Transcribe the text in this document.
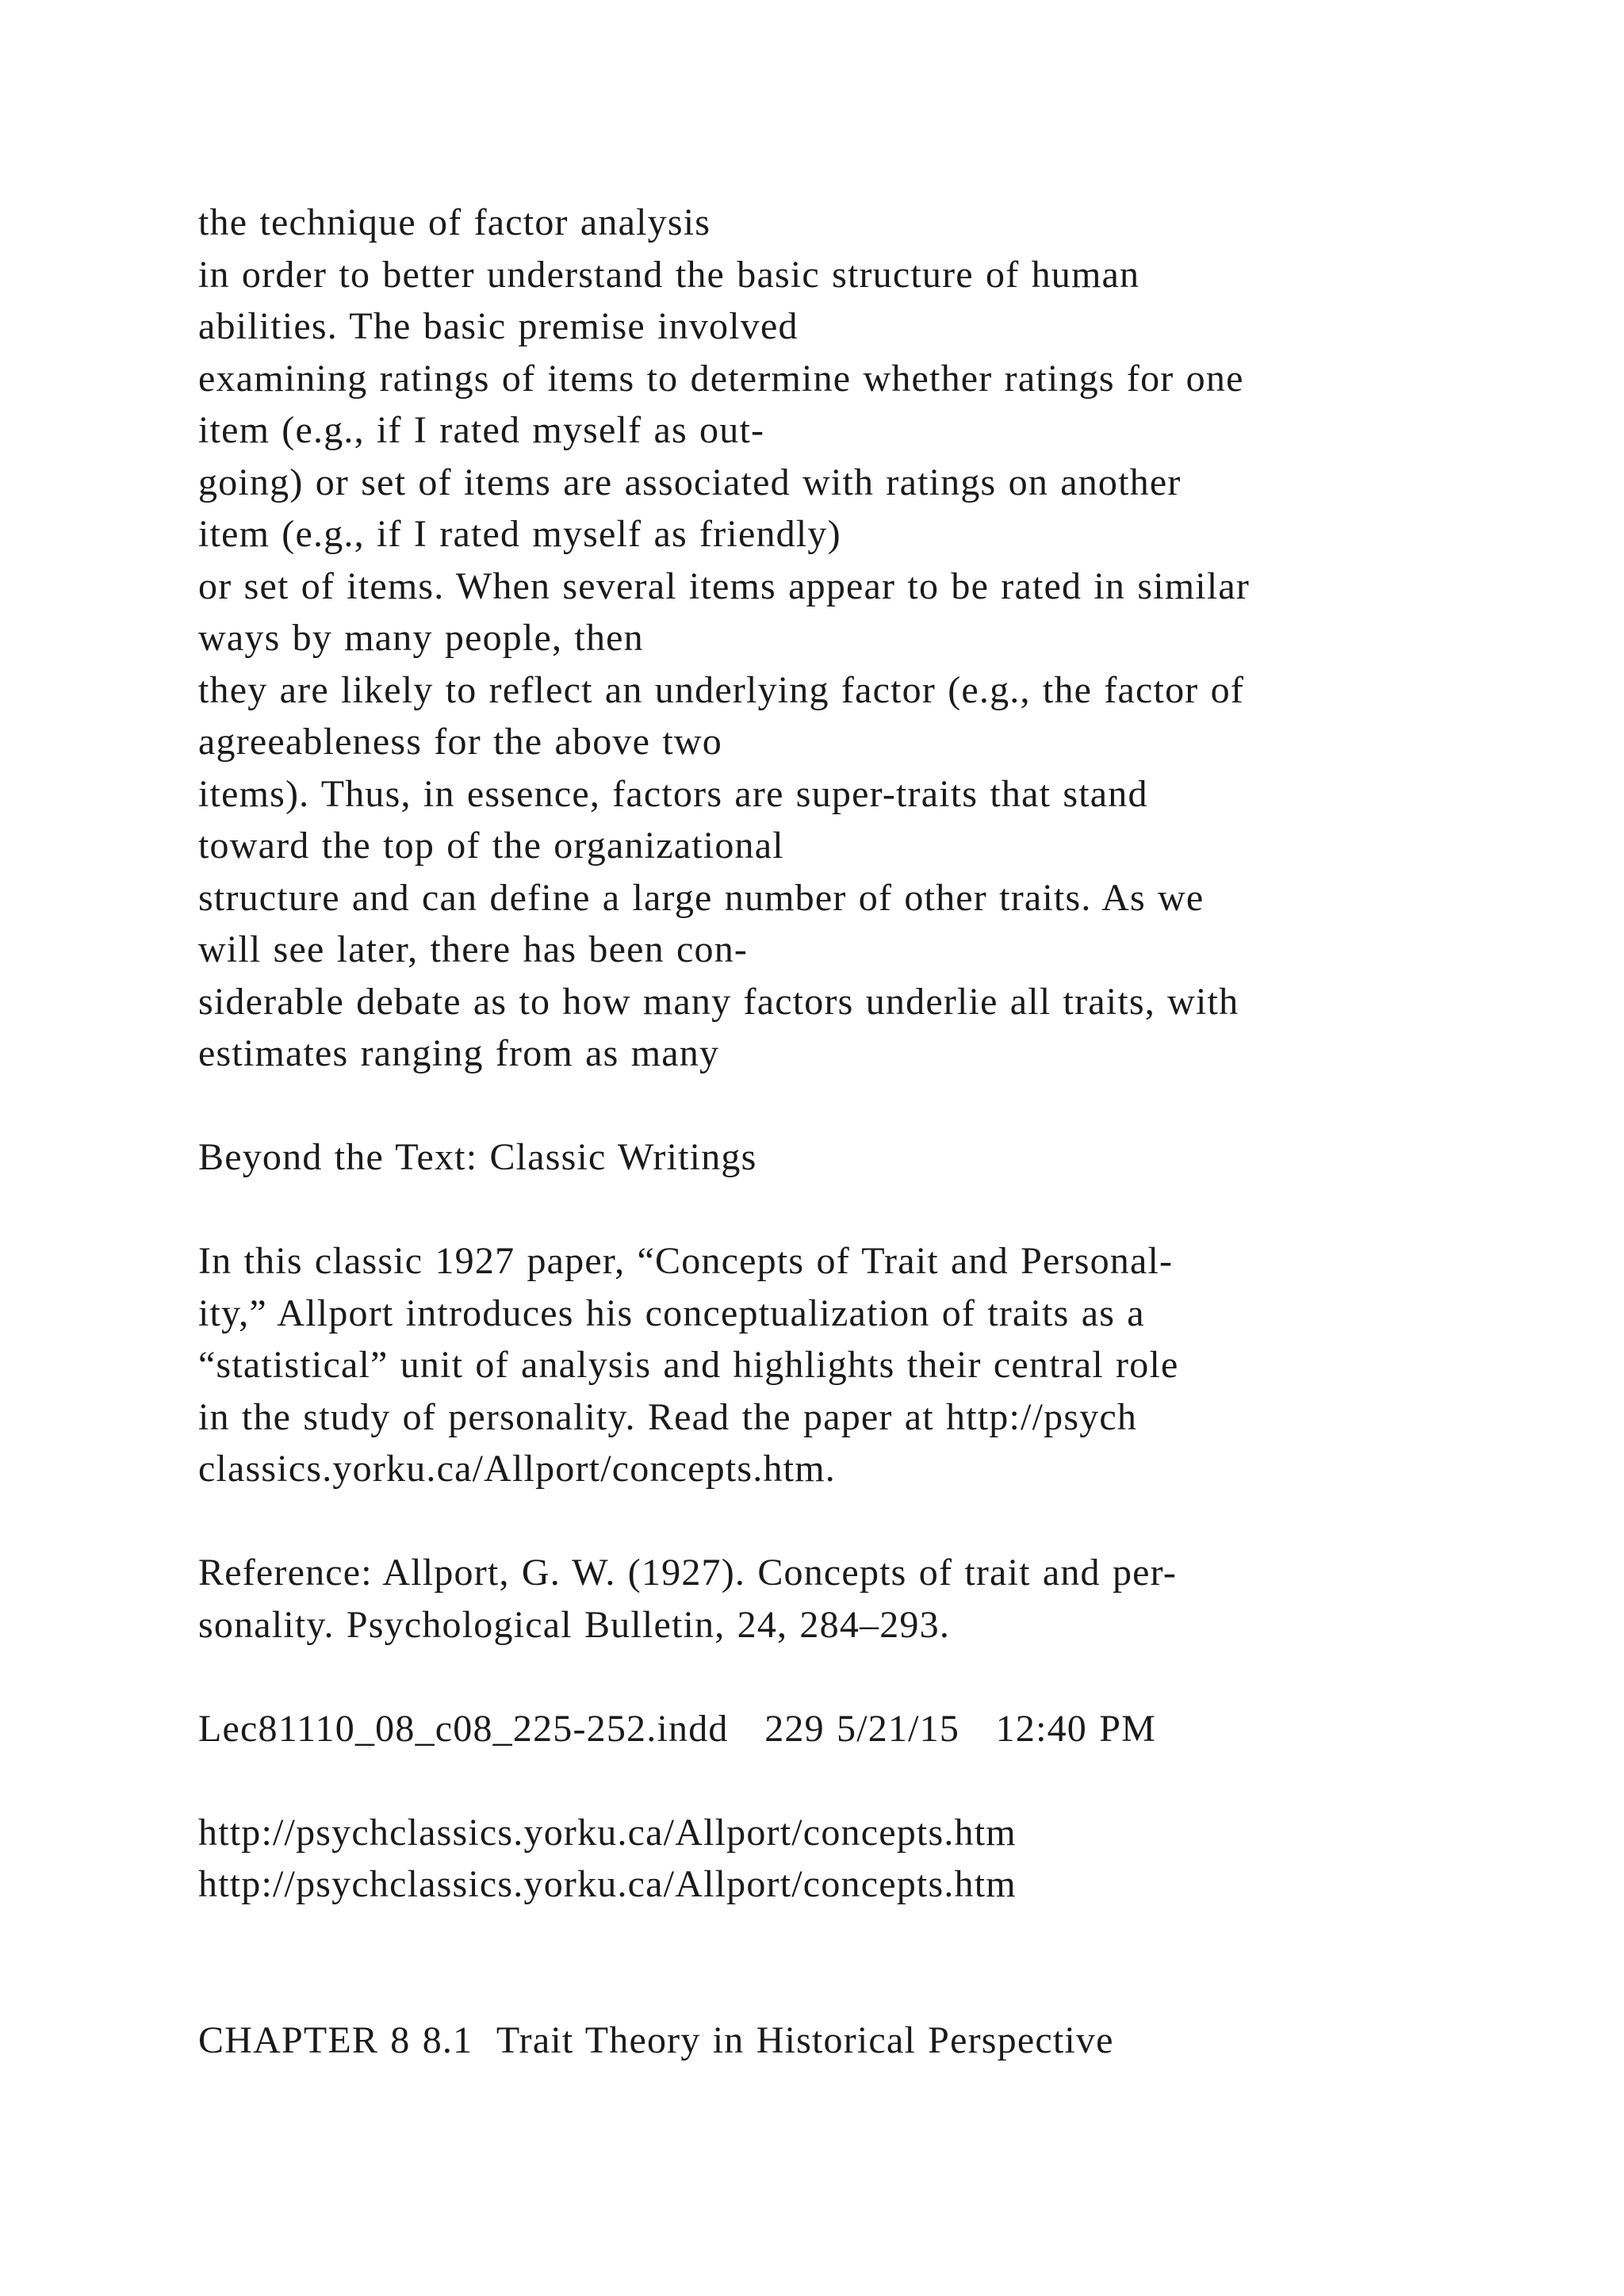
the technique of factor analysis
in order to better understand the basic structure of human
abilities. The basic premise involved
examining ratings of items to determine whether ratings for one
item (e.g., if I rated myself as out-
going) or set of items are associated with ratings on another
item (e.g., if I rated myself as friendly)
or set of items. When several items appear to be rated in similar
ways by many people, then
they are likely to reflect an underlying factor (e.g., the factor of
agreeableness for the above two
items). Thus, in essence, factors are super-traits that stand
toward the top of the organizational
structure and can define a large number of other traits. As we
will see later, there has been con-
siderable debate as to how many factors underlie all traits, with
estimates ranging from as many
Beyond the Text: Classic Writings
In this classic 1927 paper, “Concepts of Trait and Personal-
ity,” Allport introduces his conceptualization of traits as a
“statistical” unit of analysis and highlights their central role
in the study of personality. Read the paper at http://psych
classics.yorku.ca/Allport/concepts.htm.
Reference: Allport, G. W. (1927). Concepts of trait and per-
sonality. Psychological Bulletin, 24, 284–293.
Lec81110_08_c08_225-252.indd   229 5/21/15   12:40 PM
http://psychclassics.yorku.ca/Allport/concepts.htm
http://psychclassics.yorku.ca/Allport/concepts.htm
CHAPTER 8 8.1  Trait Theory in Historical Perspective
